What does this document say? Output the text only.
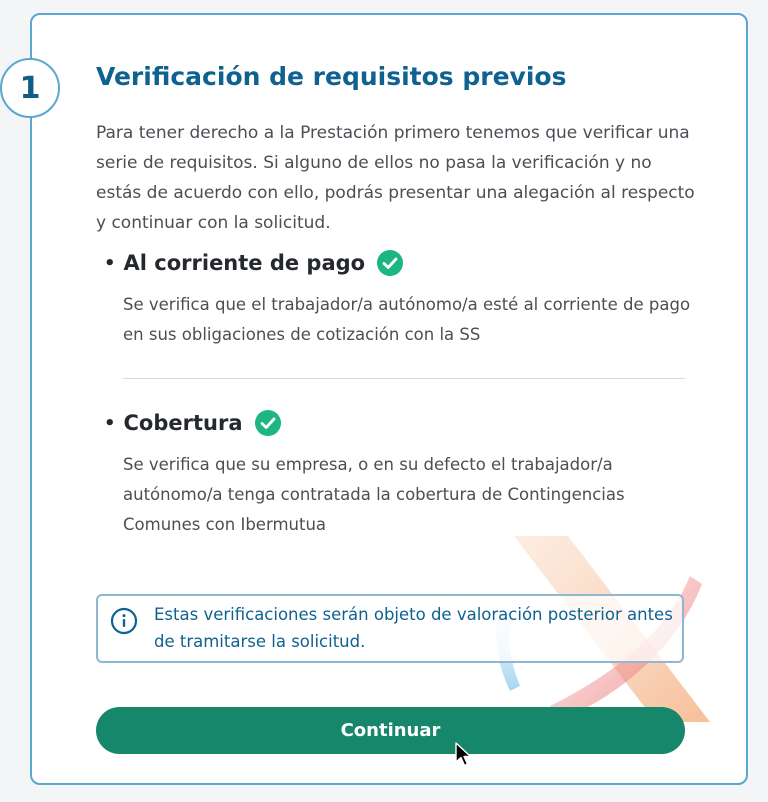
1 Verificación de requisitos previos

Para tener derecho a la Prestación primero tenemos que verificar una serie de requisitos. Si alguno de ellos no pasa la verificación y no estás de acuerdo con ello, podrás presentar una alegación al respecto y continuar con la solicitud.

• Al corriente de pago

Se verifica que el trabajador/a autónomo/a esté al corriente de pago en sus obligaciones de cotización con la SS

• Cobertura

Se verifica que su empresa, o en su defecto el trabajador/a autónomo/a tenga contratada la cobertura de Contingencias Comunes con Ibermutua

Estas verificaciones serán objeto de valoración posterior antes de tramitarse la solicitud.

Continuar
